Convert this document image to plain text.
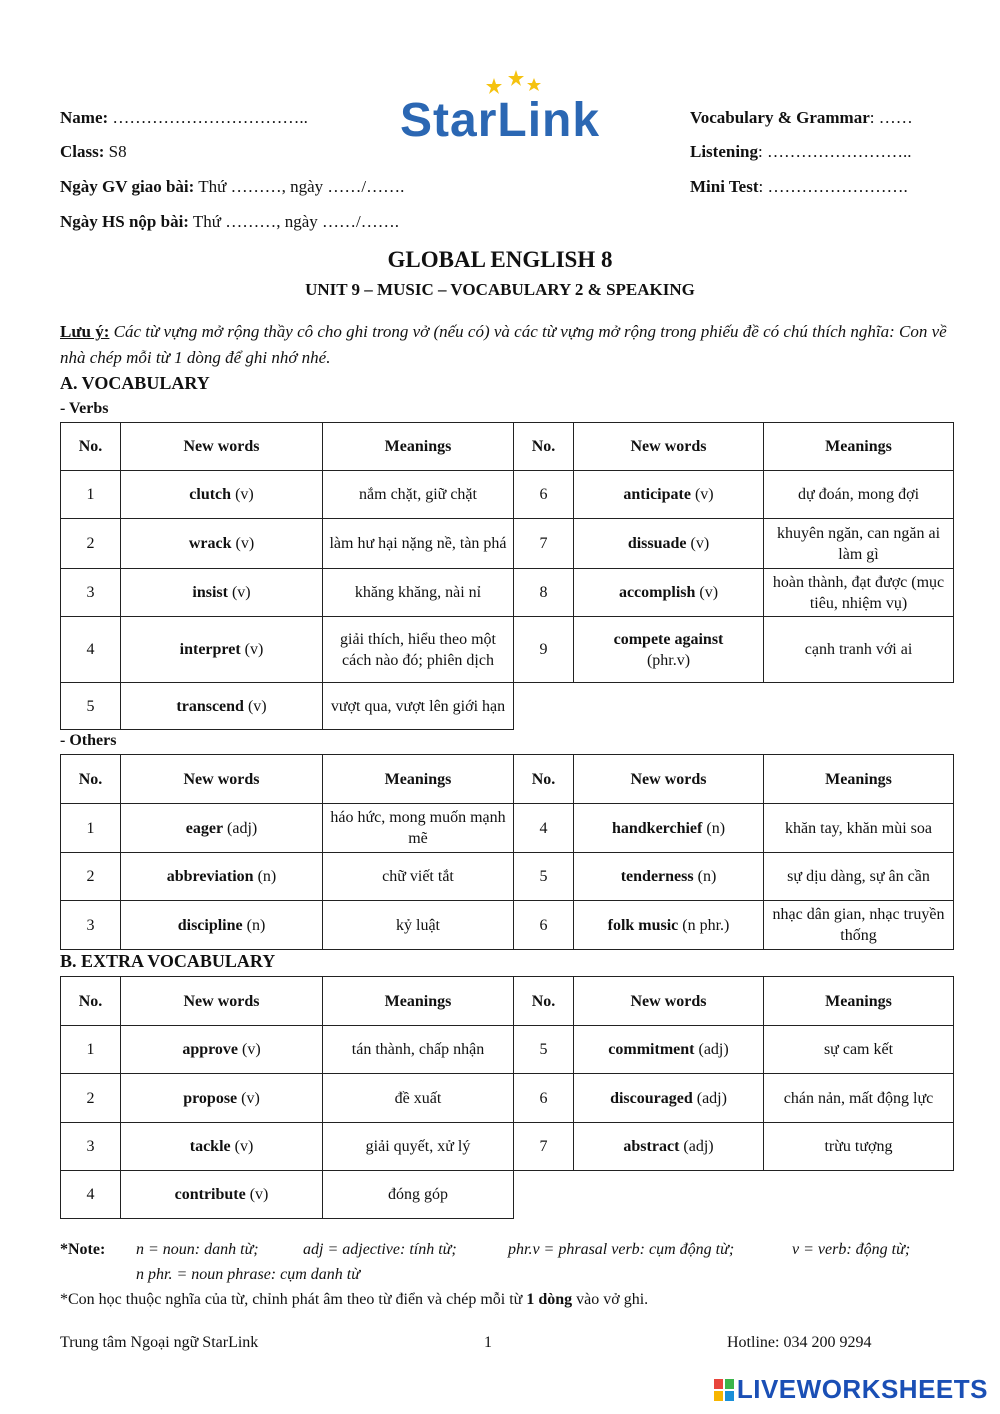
Name: ……………………………..
Class: S8
Ngày GV giao bài: Thứ ………, ngày ……/…….
Ngày HS nộp bài: Thứ ………, ngày ……/…….
StarLink	Vocabulary & Grammar: ……
Listening: ……………………..
Mini Test: …………………….
GLOBAL ENGLISH 8
UNIT 9 – MUSIC – VOCABULARY 2 & SPEAKING
Lưu ý: Các từ vựng mở rộng thầy cô cho ghi trong vở (nếu có) và các từ vựng mở rộng trong phiếu đề có chú thích nghĩa: Con về nhà chép mỗi từ 1 dòng để ghi nhớ nhé.
A. VOCABULARY
- Verbs
No.	New words	Meanings	No.	New words	Meanings
1	clutch (v)	nắm chặt, giữ chặt	6	anticipate (v)	dự đoán, mong đợi
2	wrack (v)	làm hư hại nặng nề, tàn phá	7	dissuade (v)	khuyên ngăn, can ngăn ai làm gì
3	insist (v)	khăng khăng, nài nỉ	8	accomplish (v)	hoàn thành, đạt được (mục tiêu, nhiệm vụ)
4	interpret (v)	giải thích, hiểu theo một cách nào đó; phiên dịch	9	compete against
(phr.v)	cạnh tranh với ai
5	transcend (v)	vượt qua, vượt lên giới hạn			
- Others
No.	New words	Meanings	No.	New words	Meanings
1	eager (adj)	háo hức, mong muốn mạnh mẽ	4	handkerchief (n)	khăn tay, khăn mùi soa
2	abbreviation (n)	chữ viết tắt	5	tenderness (n)	sự dịu dàng, sự ân cần
3	discipline (n)	kỷ luật	6	folk music (n phr.)	nhạc dân gian, nhạc truyền thống
B. EXTRA VOCABULARY
No.	New words	Meanings	No.	New words	Meanings
1	approve (v)	tán thành, chấp nhận	5	commitment (adj)	sự cam kết
2	propose (v)	đề xuất	6	discouraged (adj)	chán nản, mất động lực
3	tackle (v)	giải quyết, xử lý	7	abstract (adj)	trừu tượng
4	contribute (v)	đóng góp			
*Note: n = noun: danh từ;	adj = adjective: tính từ;	phr.v = phrasal verb: cụm động từ;	v = verb: động từ;
n phr. = noun phrase: cụm danh từ
*Con học thuộc nghĩa của từ, chỉnh phát âm theo từ điển và chép mỗi từ 1 dòng vào vở ghi.
Trung tâm Ngoại ngữ StarLink	1	Hotline: 034 200 9294
LIVEWORKSHEETS
